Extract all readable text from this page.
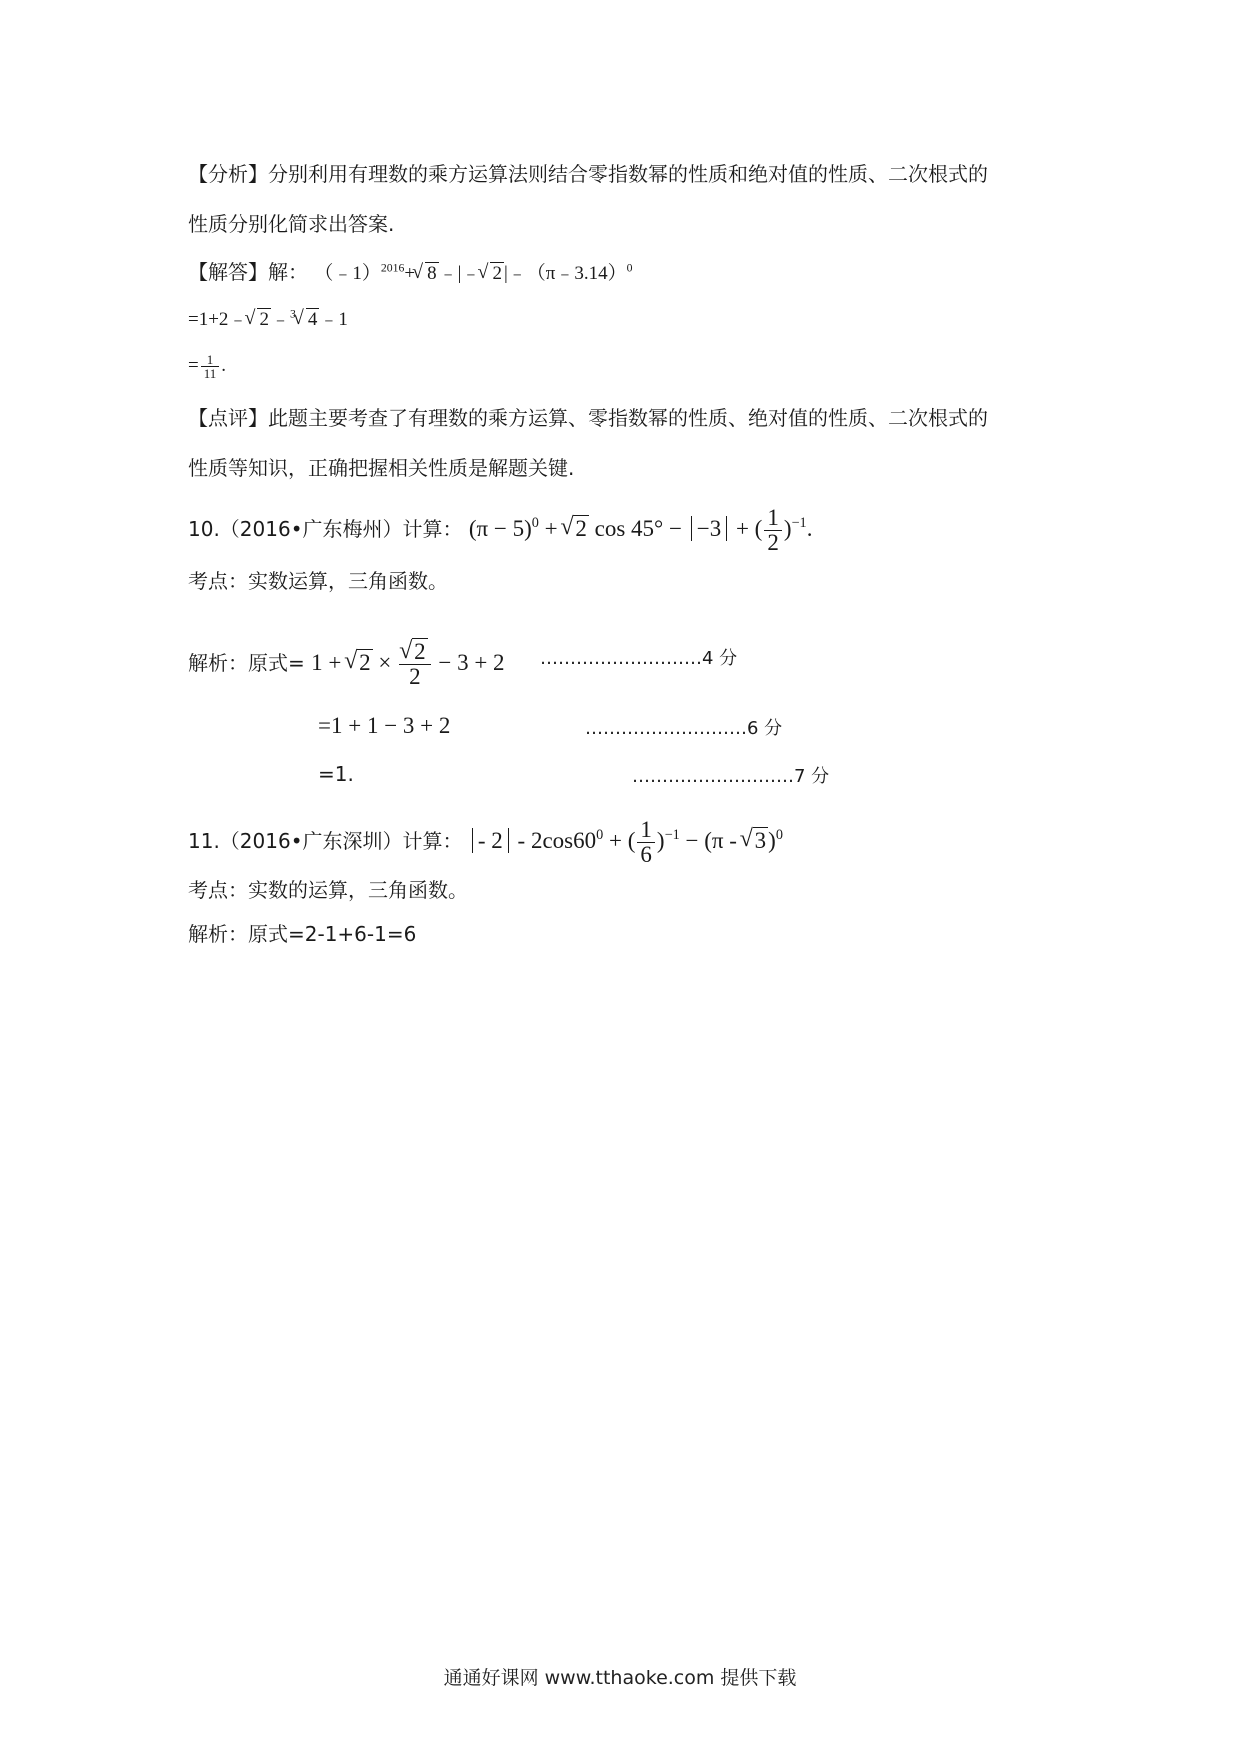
【分析】分别利用有理数的乘方运算法则结合零指数幂的性质和绝对值的性质、二次根式的
性质分别化简求出答案.
【解答】解： （﹣1）$^{2016}$+ √ 8 ﹣|﹣ √ 2 |﹣（π﹣3.14）$^0$
=1+2﹣ √ 2 ﹣$^3$ √ 4 ﹣1
= $\frac{1}{11}$ .
【点评】此题主要考查了有理数的乘方运算、零指数幂的性质、绝对值的性质、二次根式的
性质等知识，正确把握相关性质是解题关键.
10.（2016•广东梅州）计算： $(\pi - 5)^0$ + √ 2 cos 45° − −3 + ( $\frac{1}{2} )^{-1}$.
考点：实数运算，三角函数。
解析：原式= 1 + √ 2 × √ $\frac{2}{2} - 3 + 2$ ………………………4 分
=1 + 1 − 3 + 2	………………………6 分
=1.	………………………7 分
11.（2016•广东深圳）计算： - $2 - 2\cos 60^0$ + ( $\frac{1}{6} )^{-1} - (\pi$ - √ 3)$^0$
考点：实数的运算，三角函数。
解析：原式=2-1+6-1=6
通通好课网 www.tthaoke.com 提供下载
